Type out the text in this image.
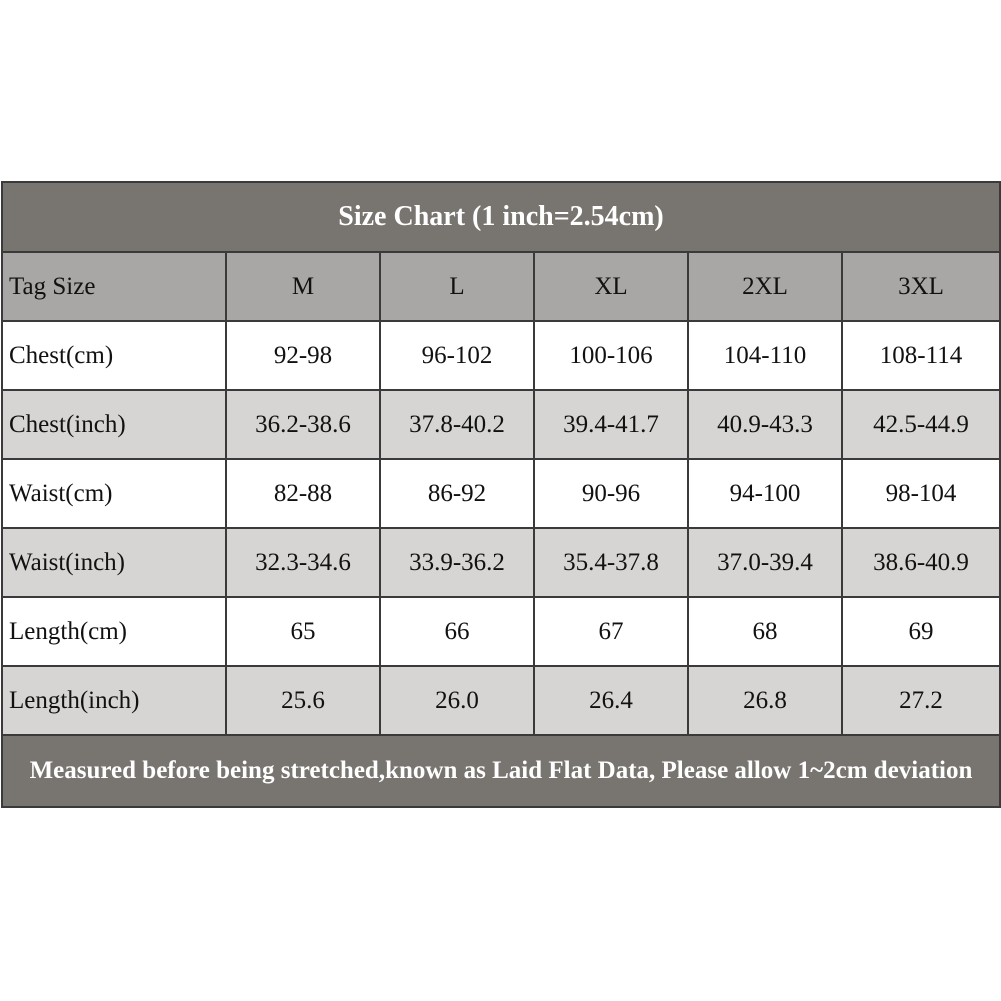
Size Chart (1 inch=2.54cm)					
Tag Size	M	L	XL	2XL	3XL
Chest(cm)	92-98	96-102	100-106	104-110	108-114
Chest(inch)	36.2-38.6	37.8-40.2	39.4-41.7	40.9-43.3	42.5-44.9
Waist(cm)	82-88	86-92	90-96	94-100	98-104
Waist(inch)	32.3-34.6	33.9-36.2	35.4-37.8	37.0-39.4	38.6-40.9
Length(cm)	65	66	67	68	69
Length(inch)	25.6	26.0	26.4	26.8	27.2
Measured before being stretched,known as Laid Flat Data, Please allow 1~2cm deviation					
